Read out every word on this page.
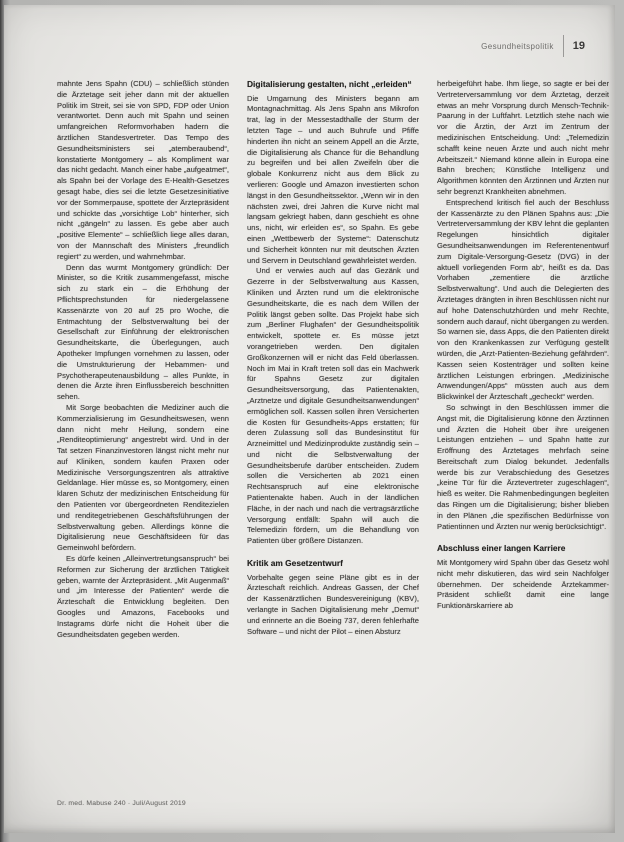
Gesundheitspolitik 19

mahnte Jens Spahn (CDU) – schließlich stünden die Ärztetage seit jeher dann mit der aktuellen Politik im Streit, sei sie von SPD, FDP oder Union verantwortet. Denn auch mit Spahn und seinen umfangreichen Reformvorhaben hadern die ärztlichen Standesvertreter. Das Tempo des Gesundheitsministers sei „atemberaubend“, konstatierte Montgomery – als Kompliment war das nicht gedacht. Manch einer habe „aufgeatmet“, als Spahn bei der Vorlage des E-Health-Gesetzes gesagt habe, dies sei die letzte Gesetzesinitiative vor der Sommerpause, spottete der Ärztepräsident und schickte das „vorsichtige Lob“ hinterher, sich nicht „gängeln“ zu lassen. Es gebe aber auch „positive Elemente“ – schließlich liege alles daran, von der Mannschaft des Ministers „freundlich regiert“ zu werden, und wahrnehmbar.

Denn das wurmt Montgomery gründlich: Der Minister, so die Kritik zusammengefasst, mische sich zu stark ein – die Erhöhung der Pflichtsprechstunden für niedergelassene Kassenärzte von 20 auf 25 pro Woche, die Entmachtung der Selbstverwaltung bei der Gesellschaft zur Einführung der elektronischen Gesundheitskarte, die Überlegungen, auch Apotheker Impfungen vornehmen zu lassen, oder die Umstrukturierung der Hebammen- und Psychotherapeutenausbildung – alles Punkte, in denen die Ärzte ihren Einflussbereich beschnitten sehen.

Mit Sorge beobachten die Mediziner auch die Kommerzialisierung im Gesundheitswesen, wenn dann nicht mehr Heilung, sondern eine „Renditeoptimierung“ angestrebt wird. Und in der Tat setzen Finanzinvestoren längst nicht mehr nur auf Kliniken, sondern kaufen Praxen oder Medizinische Versorgungszentren als attraktive Geldanlage. Hier müsse es, so Montgomery, einen klaren Schutz der medizinischen Entscheidung für den Patienten vor übergeordneten Renditezielen und renditegetriebenen Geschäftsführungen der Selbstverwaltung geben. Allerdings könne die Digitalisierung neue Geschäftsideen für das Gemeinwohl befördern.

Es dürfe keinen „Alleinvertretungsanspruch“ bei Reformen zur Sicherung der ärztlichen Tätigkeit geben, warnte der Ärztepräsident. „Mit Augenmaß“ und „im Interesse der Patienten“ werde die Ärzteschaft die Entwicklung begleiten. Den Googles und Amazons, Facebooks und Instagrams dürfe nicht die Hoheit über die Gesundheitsdaten gegeben werden.

Digitalisierung gestalten, nicht „erleiden“

Die Umgarnung des Ministers begann am Montagnachmittag. Als Jens Spahn ans Mikrofon trat, lag in der Messestadthalle der Sturm der letzten Tage – und auch Buhrufe und Pfiffe hinderten ihn nicht an seinem Appell an die Ärzte, die Digitalisierung als Chance für die Behandlung zu begreifen und bei allen Zweifeln über die globale Konkurrenz nicht aus dem Blick zu verlieren: Google und Amazon investierten schon längst in den Gesundheitssektor. „Wenn wir in den nächsten zwei, drei Jahren die Kurve nicht mal langsam gekriegt haben, dann geschieht es ohne uns, nicht, wir erleiden es“, so Spahn. Es gebe einen „Wettbewerb der Systeme“: Datenschutz und Sicherheit könnten nur mit deutschen Ärzten und Servern in Deutschland gewährleistet werden.

Und er verwies auch auf das Gezänk und Gezerre in der Selbstverwaltung aus Kassen, Kliniken und Ärzten rund um die elektronische Gesundheitskarte, die es nach dem Willen der Politik längst geben sollte. Das Projekt habe sich zum „Berliner Flughafen“ der Gesundheitspolitik entwickelt, spottete er. Es müsse jetzt vorangetrieben werden. Den digitalen Großkonzernen will er nicht das Feld überlassen. Noch im Mai in Kraft treten soll das ein Machwerk für Spahns Gesetz zur digitalen Gesundheitsversorgung, das Patientenakten, „Arztnetze und digitale Gesundheitsanwendungen“ ermöglichen soll. Kassen sollen ihren Versicherten die Kosten für Gesundheits-Apps erstatten; für deren Zulassung soll das Bundesinstitut für Arzneimittel und Medizinprodukte zuständig sein – und nicht die Selbstverwaltung der Gesundheitsberufe darüber entscheiden. Zudem sollen die Versicherten ab 2021 einen Rechtsanspruch auf eine elektronische Patientenakte haben. Auch in der ländlichen Fläche, in der nach und nach die vertragsärztliche Versorgung entfällt: Spahn will auch die Telemedizin fördern, um die Behandlung von Patienten über größere Distanzen.

Kritik am Gesetzentwurf

Vorbehalte gegen seine Pläne gibt es in der Ärzteschaft reichlich. Andreas Gassen, der Chef der Kassenärztlichen Bundesvereinigung (KBV), verlangte in Sachen Digitalisierung mehr „Demut“ und erinnerte an die Boeing 737, deren fehlerhafte Software – und nicht der Pilot – einen Absturz

herbeigeführt habe. Ihm liege, so sagte er bei der Vertreterversammlung vor dem Ärztetag, derzeit etwas an mehr Vorsprung durch Mensch-Technik-Paarung in der Luftfahrt. Letztlich stehe nach wie vor die Ärztin, der Arzt im Zentrum der medizinischen Entscheidung. Und: „Telemedizin schafft keine neuen Ärzte und auch nicht mehr Arbeitszeit.“ Niemand könne allein in Europa eine Bahn brechen; Künstliche Intelligenz und Algorithmen könnten den Ärztinnen und Ärzten nur sehr begrenzt Krankheiten abnehmen.

Entsprechend kritisch fiel auch der Beschluss der Kassenärzte zu den Plänen Spahns aus: „Die Vertreterversammlung der KBV lehnt die geplanten Regelungen hinsichtlich digitaler Gesundheitsanwendungen im Referentenentwurf zum Digitale-Versorgung-Gesetz (DVG) in der aktuell vorliegenden Form ab“, heißt es da. Das Vorhaben „zementiere die ärztliche Selbstverwaltung“. Und auch die Delegierten des Ärztetages drängten in ihren Beschlüssen nicht nur auf hohe Datenschutzhürden und mehr Rechte, sondern auch darauf, nicht übergangen zu werden. So warnen sie, dass Apps, die den Patienten direkt von den Krankenkassen zur Verfügung gestellt würden, die „Arzt-Patienten-Beziehung gefährden“. Kassen seien Kostenträger und sollten keine ärztlichen Leistungen erbringen. „Medizinische Anwendungen/Apps“ müssten auch aus dem Blickwinkel der Ärzteschaft „gecheckt“ werden.

So schwingt in den Beschlüssen immer die Angst mit, die Digitalisierung könne den Ärztinnen und Ärzten die Hoheit über ihre ureigenen Leistungen entziehen – und Spahn hatte zur Eröffnung des Ärztetages mehrfach seine Bereitschaft zum Dialog bekundet. Jedenfalls werde bis zur Verabschiedung des Gesetzes „keine Tür für die Ärztevertreter zugeschlagen“, hieß es weiter. Die Rahmenbedingungen begleiten das Ringen um die Digitalisierung; bisher blieben in den Plänen „die spezifischen Bedürfnisse von Patientinnen und Ärzten nur wenig berücksichtigt“.

Abschluss einer langen Karriere

Mit Montgomery wird Spahn über das Gesetz wohl nicht mehr diskutieren, das wird sein Nachfolger übernehmen. Der scheidende Ärztekammer-Präsident schließt damit eine lange Funktionärskarriere ab

Dr. med. Mabuse 240 · Juli/August 2019
